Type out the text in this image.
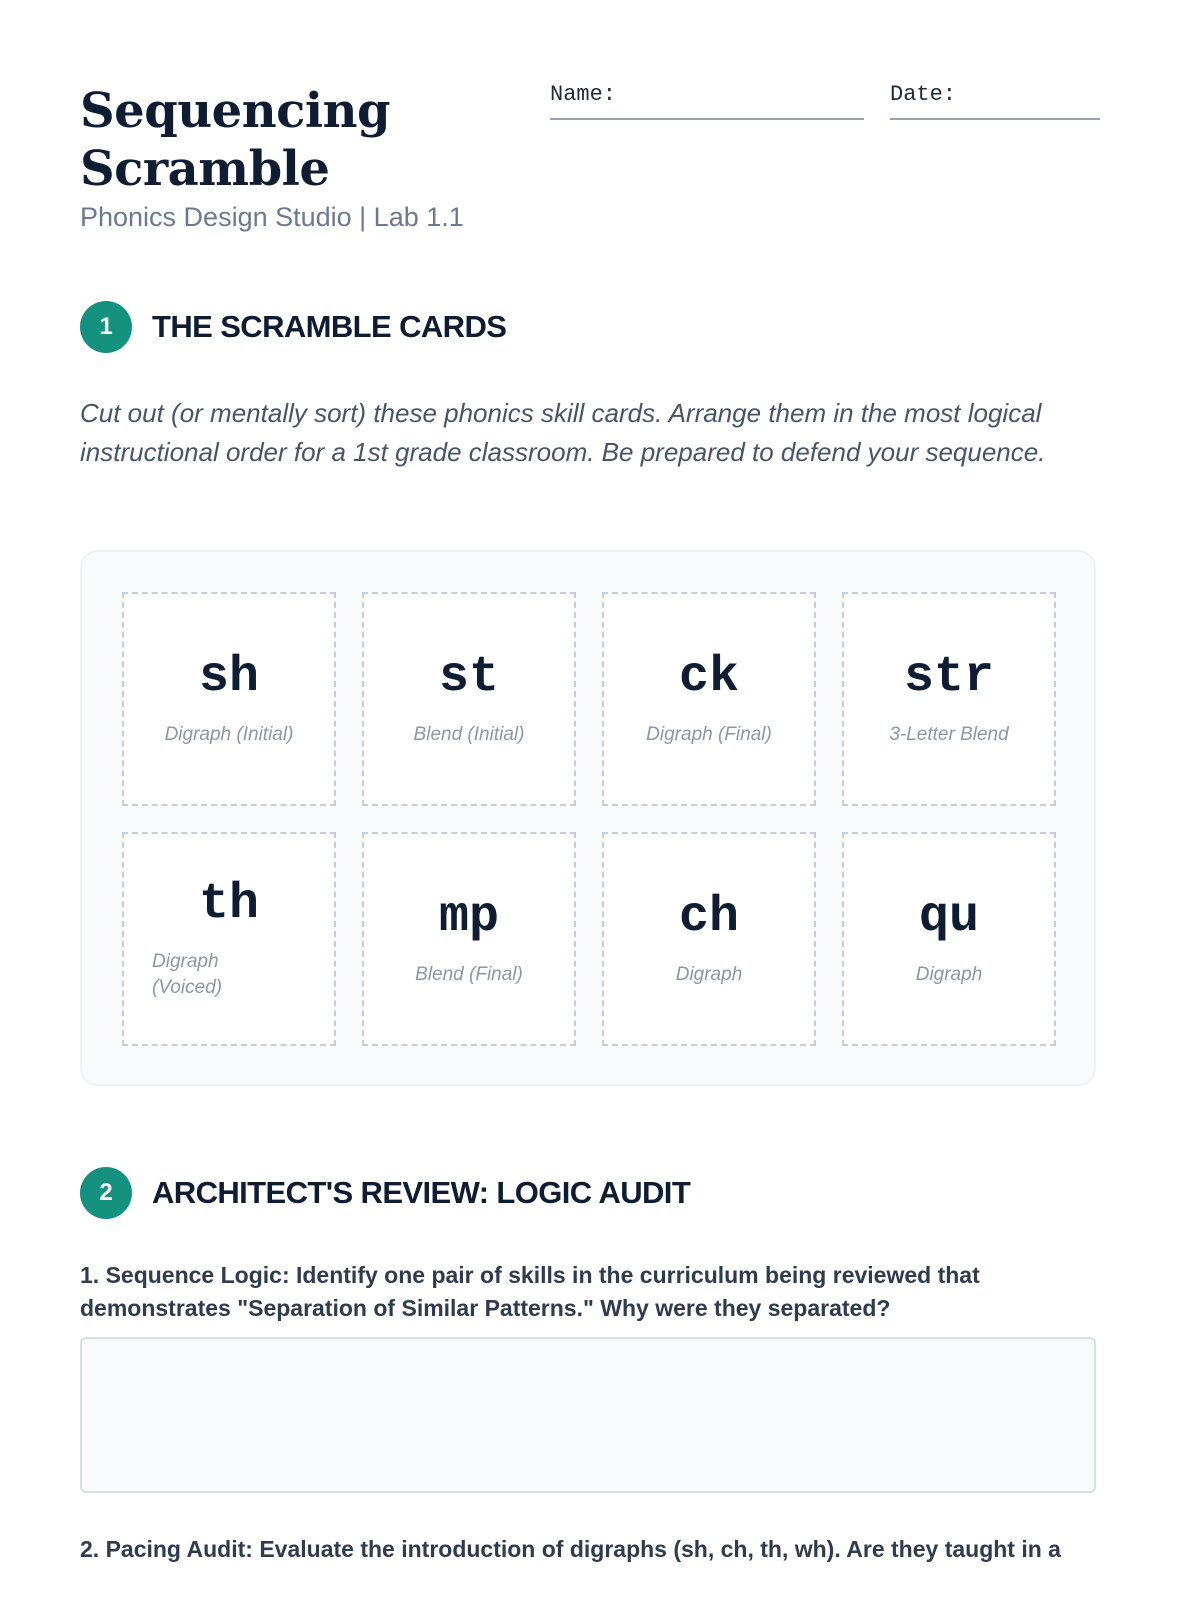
Sequencing Scramble
Phonics Design Studio | Lab 1.1
Name:	Date:
1	THE SCRAMBLE CARDS
Cut out (or mentally sort) these phonics skill cards. Arrange them in the most logical instructional order for a 1st grade classroom. Be prepared to defend your sequence.
sh
Digraph (Initial)
st
Blend (Initial)
ck
Digraph (Final)
str
3-Letter Blend
th
Digraph (Voiced)
mp
Blend (Final)
ch
Digraph
qu
Digraph
2	ARCHITECT'S REVIEW: LOGIC AUDIT
1. Sequence Logic: Identify one pair of skills in the curriculum being reviewed that demonstrates "Separation of Similar Patterns." Why were they separated?
2. Pacing Audit: Evaluate the introduction of digraphs (sh, ch, th, wh). Are they taught in a
